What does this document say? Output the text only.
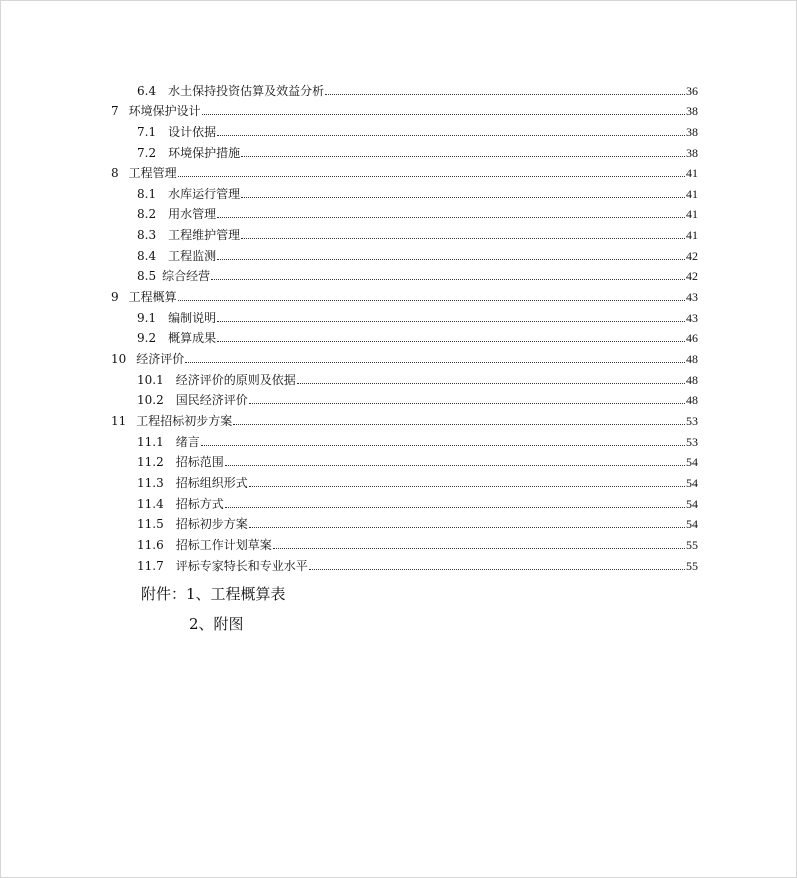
6.4 水土保持投资估算及效益分析	36
7 环境保护设计	38
7.1 设计依据	38
7.2 环境保护措施	38
8 工程管理	41
8.1 水库运行管理	41
8.2 用水管理	41
8.3 工程维护管理	41
8.4 工程监测	42
8.5 综合经营	42
9 工程概算	43
9.1 编制说明	43
9.2 概算成果	46
10 经济评价	48
10.1 经济评价的原则及依据	48
10.2 国民经济评价	48
11 工程招标初步方案	53
11.1 绪言	53
11.2 招标范围	54
11.3 招标组织形式	54
11.4 招标方式	54
11.5 招标初步方案	54
11.6 招标工作计划草案	55
11.7 评标专家特长和专业水平	55
附件：1、工程概算表
2、附图
